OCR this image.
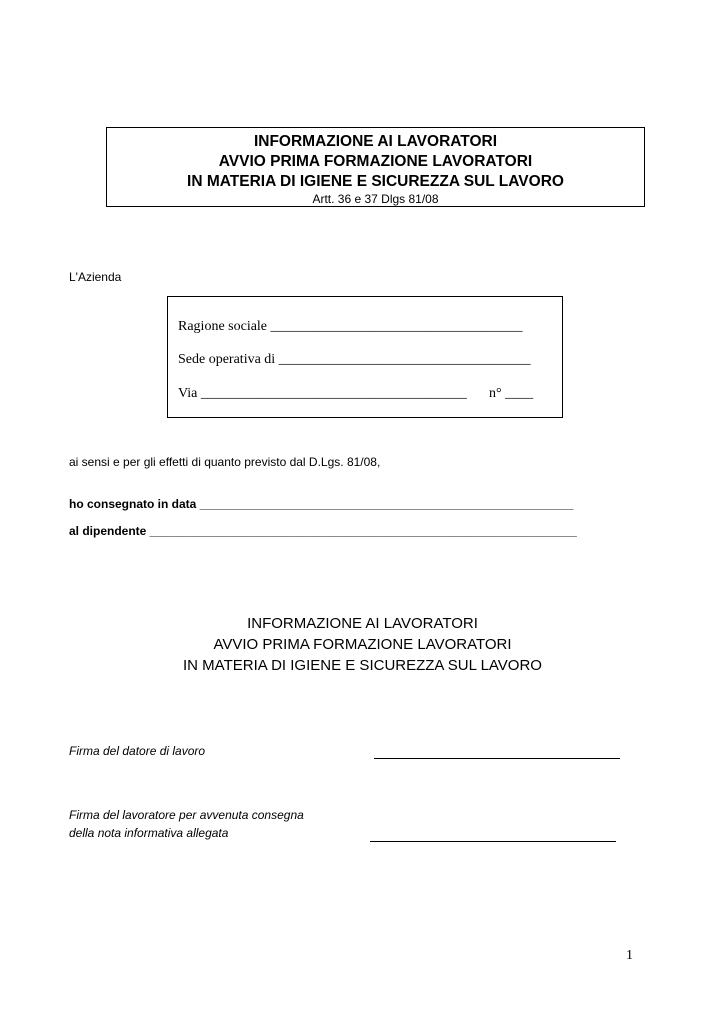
INFORMAZIONE AI LAVORATORI

AVVIO PRIMA FORMAZIONE LAVORATORI

IN MATERIA DI IGIENE E SICUREZZA SUL LAVORO

Artt. 36 e 37 Dlgs 81/08

L'Azienda
Ragione sociale ____________________________________
Sede operativa di ____________________________________
Via ______________________________________ n° ____
ai sensi e per gli effetti di quanto previsto dal D.Lgs. 81/08,
ho consegnato in data ________________________________________________________
al dipendente ________________________________________________________________
INFORMAZIONE AI LAVORATORI
AVVIO PRIMA FORMAZIONE LAVORATORI
IN MATERIA DI IGIENE E SICUREZZA SUL LAVORO
Firma del datore di lavoro
Firma del lavoratore per avvenuta consegna
della nota informativa allegata
1
